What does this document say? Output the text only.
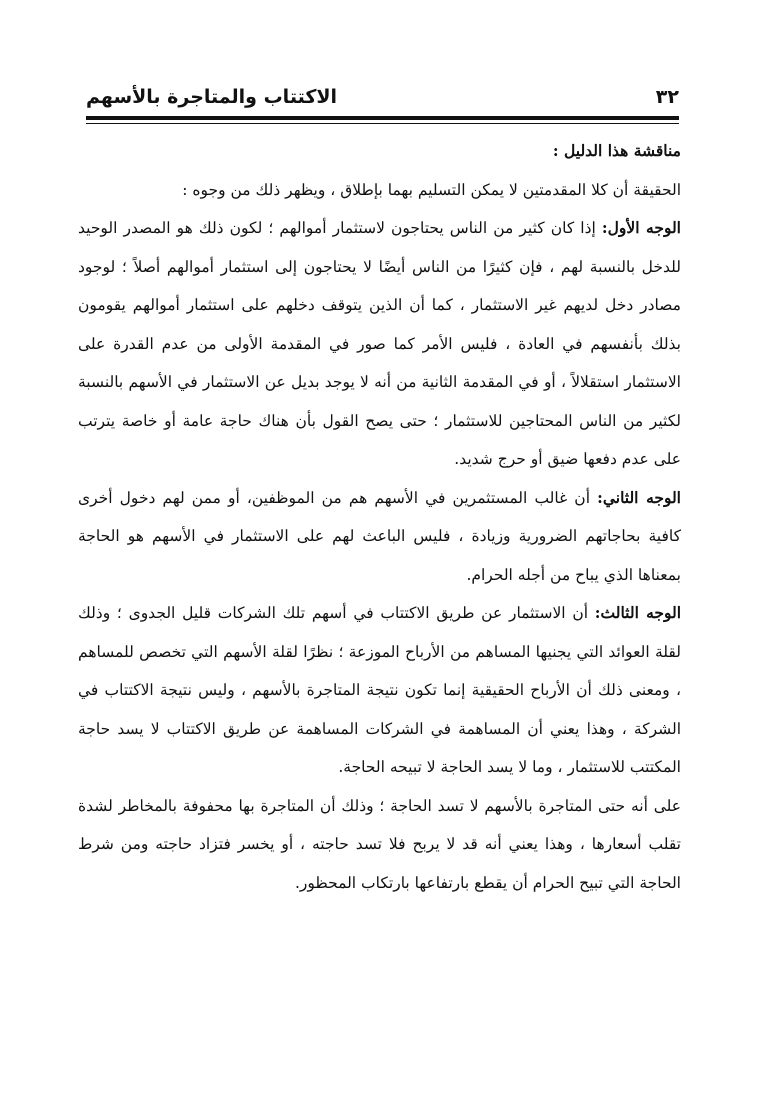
٣٢
الاكتتاب والمتاجرة بالأسهم

مناقشة هذا الدليل :

الحقيقة أن كلا المقدمتين لا يمكن التسليم بهما بإطلاق ، ويظهر ذلك من وجوه :

الوجه الأول: إذا كان كثير من الناس يحتاجون لاستثمار أموالهم ؛ لكون ذلك هو المصدر الوحيد للدخل بالنسبة لهم ، فإن كثيرًا من الناس أيضًا لا يحتاجون إلى استثمار أموالهم أصلاً ؛ لوجود مصادر دخل لديهم غير الاستثمار ، كما أن الذين يتوقف دخلهم على استثمار أموالهم يقومون بذلك بأنفسهم في العادة ، فليس الأمر كما صور في المقدمة الأولى من عدم القدرة على الاستثمار استقلالاً ، أو في المقدمة الثانية من أنه لا يوجد بديل عن الاستثمار في الأسهم بالنسبة لكثير من الناس المحتاجين للاستثمار ؛ حتى يصح القول بأن هناك حاجة عامة أو خاصة يترتب على عدم دفعها ضيق أو حرج شديد.

الوجه الثاني: أن غالب المستثمرين في الأسهم هم من الموظفين، أو ممن لهم دخول أخرى كافية بحاجاتهم الضرورية وزيادة ، فليس الباعث لهم على الاستثمار في الأسهم هو الحاجة بمعناها الذي يباح من أجله الحرام.

الوجه الثالث: أن الاستثمار عن طريق الاكتتاب في أسهم تلك الشركات قليل الجدوى ؛ وذلك لقلة العوائد التي يجنيها المساهم من الأرباح الموزعة ؛ نظرًا لقلة الأسهم التي تخصص للمساهم ، ومعنى ذلك أن الأرباح الحقيقية إنما تكون نتيجة المتاجرة بالأسهم ، وليس نتيجة الاكتتاب في الشركة ، وهذا يعني أن المساهمة في الشركات المساهمة عن طريق الاكتتاب لا يسد حاجة المكتتب للاستثمار ، وما لا يسد الحاجة لا تبيحه الحاجة.

على أنه حتى المتاجرة بالأسهم لا تسد الحاجة ؛ وذلك أن المتاجرة بها محفوفة بالمخاطر لشدة تقلب أسعارها ، وهذا يعني أنه قد لا يربح فلا تسد حاجته ، أو يخسر فتزاد حاجته ومن شرط الحاجة التي تبيح الحرام أن يقطع بارتفاعها بارتكاب المحظور.
